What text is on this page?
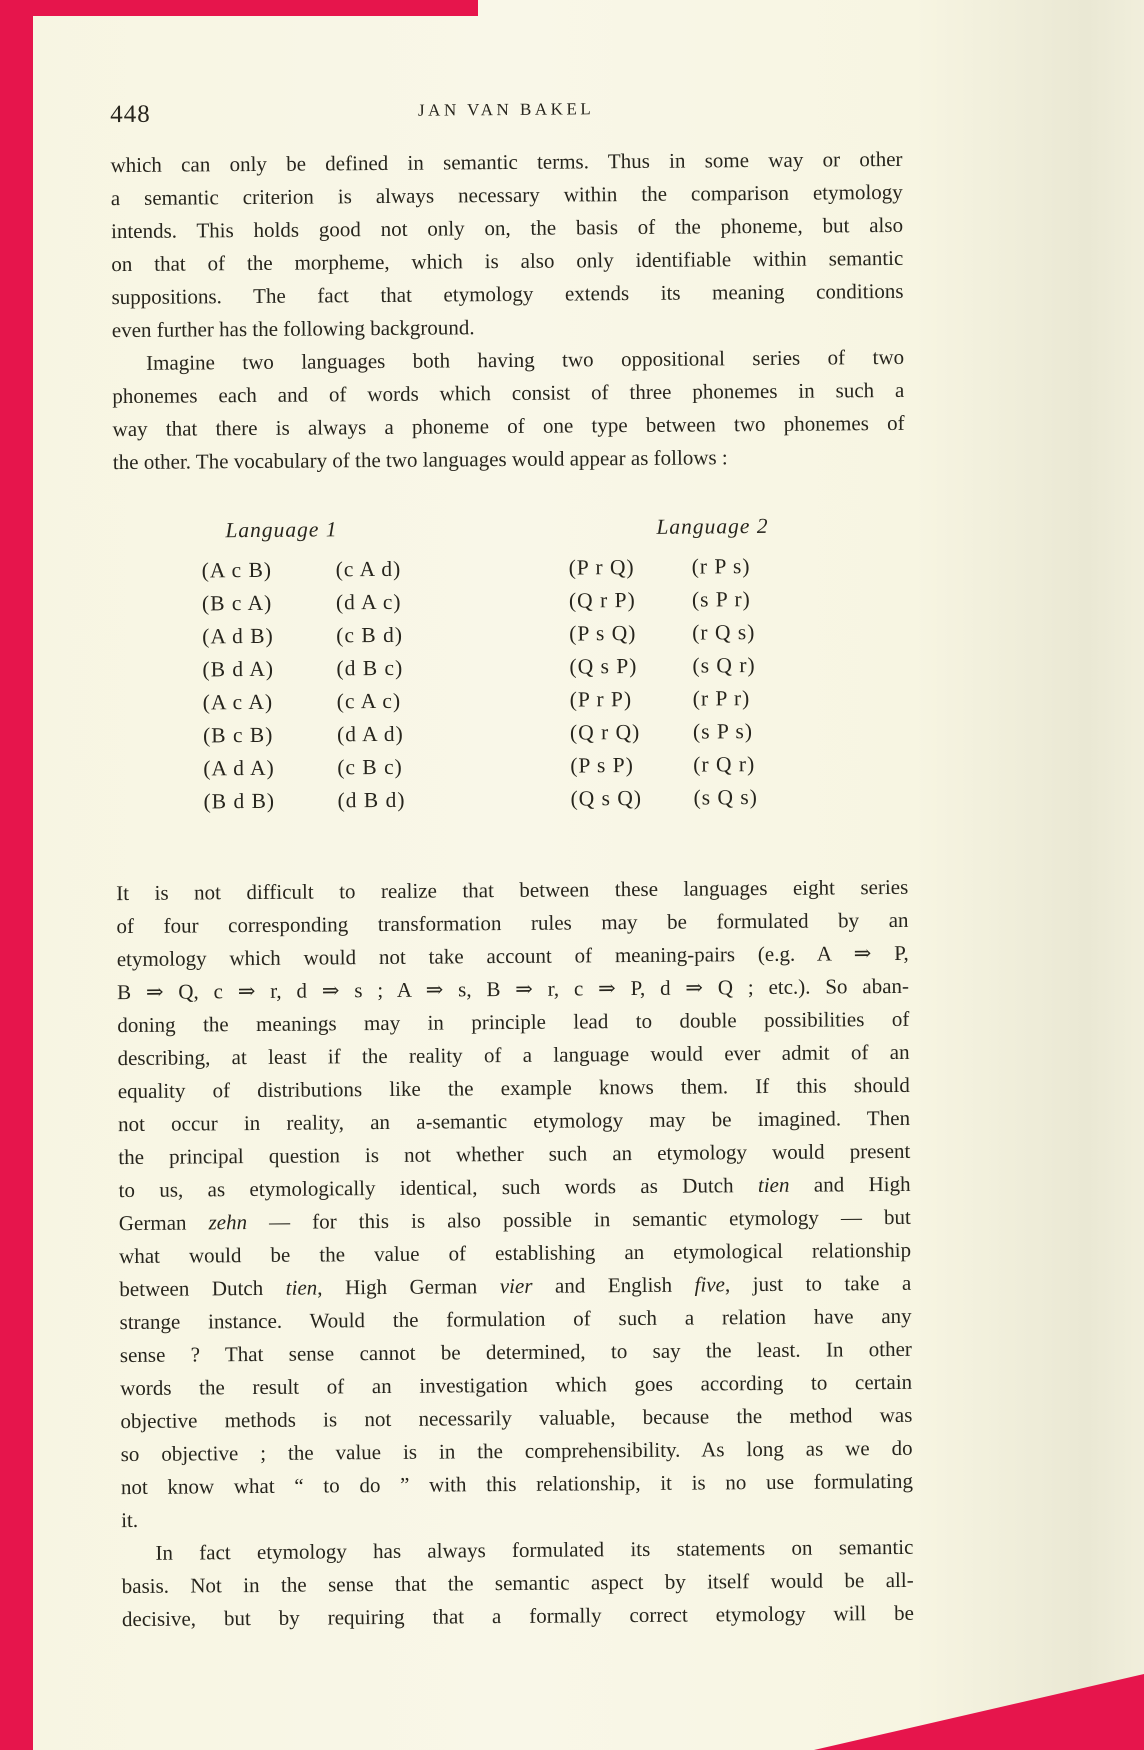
448	JAN VAN BAKEL
which can only be defined in semantic terms. Thus in some way or other
a semantic criterion is always necessary within the comparison etymology
intends. This holds good not only on, the basis of the phoneme, but also
on that of the morpheme, which is also only identifiable within semantic
suppositions. The fact that etymology extends its meaning conditions
even further has the following background.
Imagine two languages both having two oppositional series of two
phonemes each and of words which consist of three phonemes in such a
way that there is always a phoneme of one type between two phonemes of
the other. The vocabulary of the two languages would appear as follows :
Language 1	Language 2
(A c B)	(c A d)	(P r Q)	(r P s)
(B c A)	(d A c)	(Q r P)	(s P r)
(A d B)	(c B d)	(P s Q)	(r Q s)
(B d A)	(d B c)	(Q s P)	(s Q r)
(A c A)	(c A c)	(P r P)	(r P r)
(B c B)	(d A d)	(Q r Q)	(s P s)
(A d A)	(c B c)	(P s P)	(r Q r)
(B d B)	(d B d)	(Q s Q)	(s Q s)
It is not difficult to realize that between these languages eight series
of four corresponding transformation rules may be formulated by an
etymology which would not take account of meaning-pairs (e.g. A ⇒ P,
B ⇒ Q, c ⇒ r, d ⇒ s ; A ⇒ s, B ⇒ r, c ⇒ P, d ⇒ Q ; etc.). So aban-
doning the meanings may in principle lead to double possibilities of
describing, at least if the reality of a language would ever admit of an
equality of distributions like the example knows them. If this should
not occur in reality, an a-semantic etymology may be imagined. Then
the principal question is not whether such an etymology would present
to us, as etymologically identical, such words as Dutch tien and High
German zehn — for this is also possible in semantic etymology — but
what would be the value of establishing an etymological relationship
between Dutch tien, High German vier and English five, just to take a
strange instance. Would the formulation of such a relation have any
sense ? That sense cannot be determined, to say the least. In other
words the result of an investigation which goes according to certain
objective methods is not necessarily valuable, because the method was
so objective ; the value is in the comprehensibility. As long as we do
not know what “ to do ” with this relationship, it is no use formulating
it.
In fact etymology has always formulated its statements on semantic
basis. Not in the sense that the semantic aspect by itself would be all-
decisive, but by requiring that a formally correct etymology will be
